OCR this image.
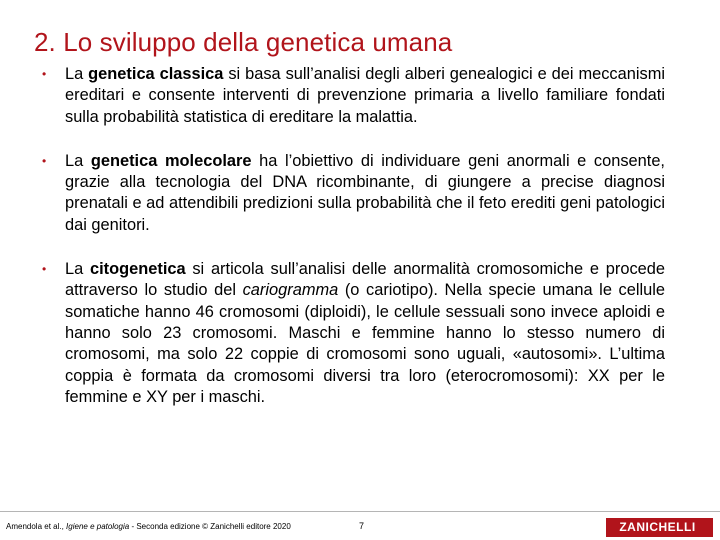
2. Lo sviluppo della genetica umana
• La genetica classica si basa sull’analisi degli alberi genealogici e dei meccanismi ereditari e consente interventi di prevenzione primaria a livello familiare fondati sulla probabilità statistica di ereditare la malattia.
• La genetica molecolare ha l’obiettivo di individuare geni anormali e consente, grazie alla tecnologia del DNA ricombinante, di giungere a precise diagnosi prenatali e ad attendibili predizioni sulla probabilità che il feto erediti geni patologici dai genitori.
• La citogenetica si articola sull’analisi delle anormalità cromosomiche e procede attraverso lo studio del cariogramma (o cariotipo). Nella specie umana le cellule somatiche hanno 46 cromosomi (diploidi), le cellule sessuali sono invece aploidi e hanno solo 23 cromosomi. Maschi e femmine hanno lo stesso numero di cromosomi, ma solo 22 coppie di cromosomi sono uguali, «autosomi». L’ultima coppia è formata da cromosomi diversi tra loro (eterocromosomi): XX per le femmine e XY per i maschi.
Amendola et al., Igiene e patologia - Seconda edizione © Zanichelli editore 2020	7	ZANICHELLI
